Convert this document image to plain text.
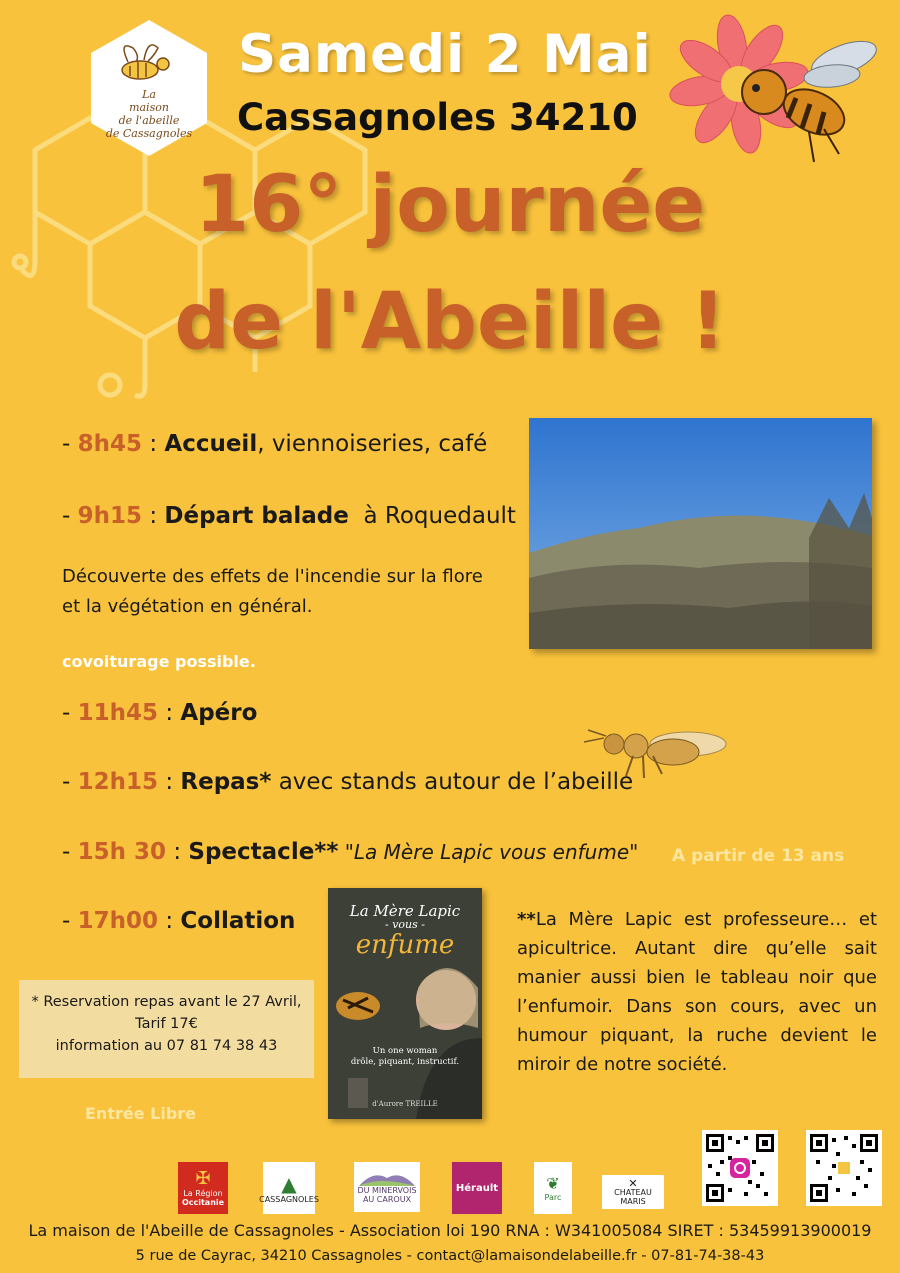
La
maison
de l'abeille
de Cassagnoles
Samedi 2 Mai
Cassagnoles 34210
16° journée
de l'Abeille !
- 8h45 : Accueil, viennoiseries, café
- 9h15 : Départ balade  à Roquedault
Découverte des effets de l'incendie sur la flore
et la végétation en général.
covoiturage possible.
- 11h45 : Apéro
- 12h15 : Repas* avec stands autour de l’abeille
- 15h 30 : Spectacle** "La Mère Lapic vous enfume" A partir de 13 ans
- 17h00 : Collation	La Mère Lapic
- vous -
enfume
Un one woman
drôle, piquant, instructif.
d'Aurore TREILLE
**La Mère Lapic est professeure… et apicultrice. Autant dire qu’elle sait manier aussi bien le tableau noir que l’enfumoir. Dans son cours, avec un humour piquant, la ruche devient le miroir de notre société.
* Reservation repas avant le 27 Avril,
Tarif 17€
information au 07 81 74 38 43
Entrée Libre
✠
La Région
Occitanie
▲
CASSAGNOLES
DU MINERVOIS
AU CAROUX
Hérault	❦
Parc
✕
CHATEAU MARIS
La maison de l'Abeille de Cassagnoles - Association loi 190 RNA : W341005084 SIRET : 53459913900019
5 rue de Cayrac, 34210 Cassagnoles - contact@lamaisondelabeille.fr - 07-81-74-38-43
